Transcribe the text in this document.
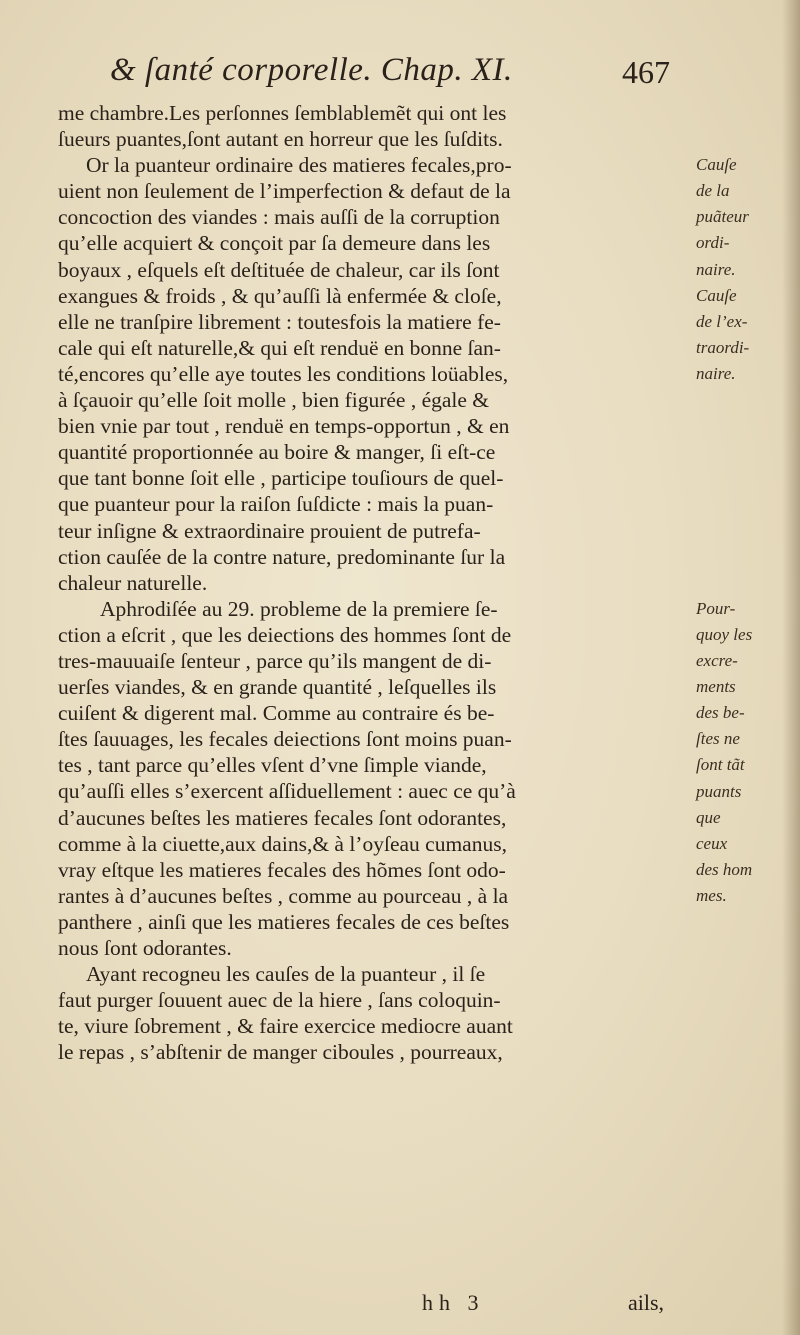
& ſanté corporelle. Chap. XI.	467
me chambre.Les perſonnes ſemblablemẽt qui ont les
ſueurs puantes,ſont autant en horreur que les ſuſdits.
Or la puanteur ordinaire des matieres fecales,pro-
uient non ſeulement de l’imperfection & defaut de la
concoction des viandes : mais auſſi de la corruption
qu’elle acquiert & conçoit par ſa demeure dans les
boyaux , eſquels eſt deſtituée de chaleur, car ils ſont
exangues & froids , & qu’auſſi là enfermée & cloſe,
elle ne tranſpire librement : toutesfois la matiere fe-
cale qui eſt naturelle,& qui eſt renduë en bonne ſan-
té,encores qu’elle aye toutes les conditions loüables,
à ſçauoir qu’elle ſoit molle , bien figurée , égale &
bien vnie par tout , renduë en temps-opportun , & en
quantité proportionnée au boire & manger, ſi eſt-ce
que tant bonne ſoit elle , participe touſiours de quel-
que puanteur pour la raiſon ſuſdicte : mais la puan-
teur inſigne & extraordinaire prouient de putrefa-
ction cauſée de la contre nature, predominante ſur la
chaleur naturelle.
Aphrodiſée au 29. probleme de la premiere ſe-
ction a eſcrit , que les deiections des hommes ſont de
tres-mauuaiſe ſenteur , parce qu’ils mangent de di-
uerſes viandes, & en grande quantité , leſquelles ils
cuiſent & digerent mal. Comme au contraire és be-
ſtes ſauuages, les fecales deiections ſont moins puan-
tes , tant parce qu’elles vſent d’vne ſimple viande,
qu’auſſi elles s’exercent aſſiduellement : auec ce qu’à
d’aucunes beſtes les matieres fecales ſont odorantes,
comme à la ciuette,aux dains,& à l’oyſeau cumanus,
vray eſtque les matieres fecales des hõmes ſont odo-
rantes à d’aucunes beſtes , comme au pourceau , à la
panthere , ainſi que les matieres fecales de ces beſtes
nous ſont odorantes.
Ayant recogneu les cauſes de la puanteur , il ſe
faut purger ſouuent auec de la hiere , ſans coloquin-
te, viure ſobrement , & faire exercice mediocre auant
le repas , s’abſtenir de manger ciboules , pourreaux,
Cauſe
de la
puãteur
ordi-
naire.
Cauſe
de l’ex-
traordi-
naire.
Pour-
quoy les
excre-
ments
des be-
ſtes ne
ſont tãt
puants
que
ceux
des hom
mes.
hh 3	ails,
